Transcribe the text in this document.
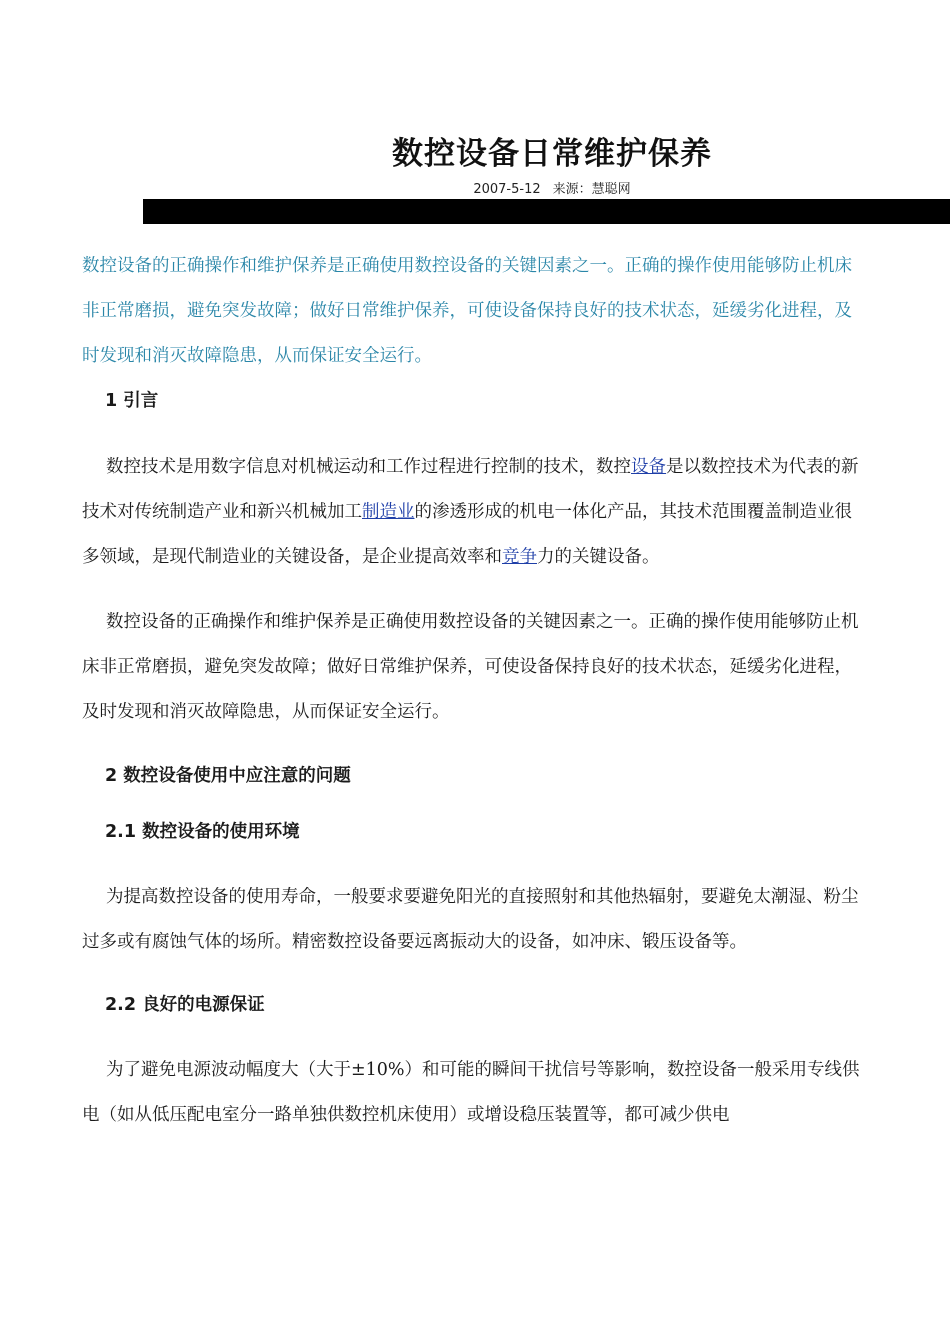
数控设备日常维护保养
2007-5-12 来源：慧聪网

数控设备的正确操作和维护保养是正确使用数控设备的关键因素之一。正确的操作使用能够防止机床非正常磨损，避免突发故障；做好日常维护保养，可使设备保持良好的技术状态，延缓劣化进程，及时发现和消灭故障隐患，从而保证安全运行。

1 引言

数控技术是用数字信息对机械运动和工作过程进行控制的技术，数控设备是以数控技术为代表的新技术对传统制造产业和新兴机械加工制造业的渗透形成的机电一体化产品，其技术范围覆盖制造业很多领域，是现代制造业的关键设备，是企业提高效率和竞争力的关键设备。

数控设备的正确操作和维护保养是正确使用数控设备的关键因素之一。正确的操作使用能够防止机床非正常磨损，避免突发故障；做好日常维护保养，可使设备保持良好的技术状态，延缓劣化进程，及时发现和消灭故障隐患，从而保证安全运行。

2 数控设备使用中应注意的问题

2.1 数控设备的使用环境

为提高数控设备的使用寿命，一般要求要避免阳光的直接照射和其他热辐射，要避免太潮湿、粉尘过多或有腐蚀气体的场所。精密数控设备要远离振动大的设备，如冲床、锻压设备等。

2.2 良好的电源保证

为了避免电源波动幅度大（大于±10%）和可能的瞬间干扰信号等影响，数控设备一般采用专线供电（如从低压配电室分一路单独供数控机床使用）或增设稳压装置等，都可减少供电
